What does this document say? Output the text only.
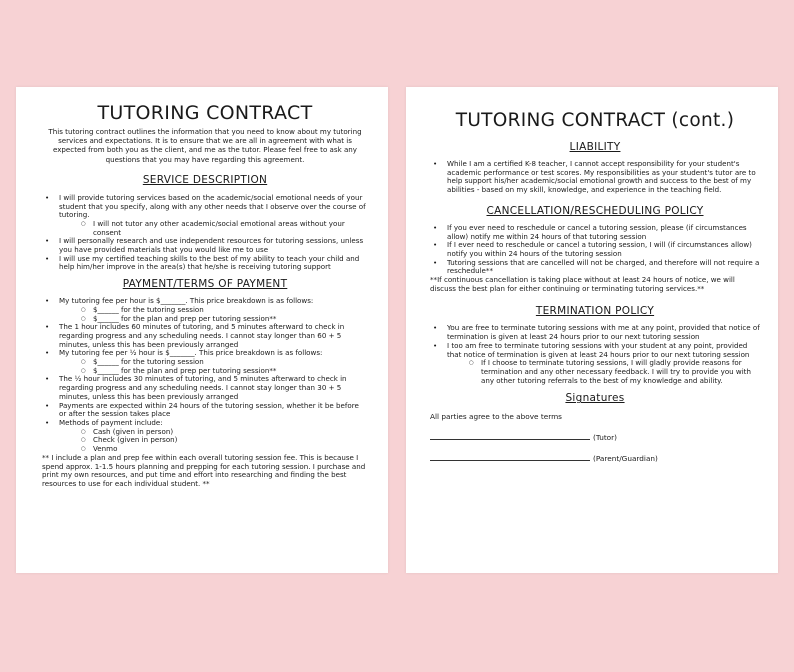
TUTORING CONTRACT

This tutoring contract outlines the information that you need to know about my tutoring services and expectations. It is to ensure that we are all in agreement with what is expected from both you as the client, and me as the tutor. Please feel free to ask any questions that you may have regarding this agreement.

SERVICE DESCRIPTION
• I will provide tutoring services based on the academic/social emotional needs of your student that you specify, along with any other needs that I observe over the course of tutoring.
○ I will not tutor any other academic/social emotional areas without your consent
• I will personally research and use independent resources for tutoring sessions, unless you have provided materials that you would like me to use
• I will use my certified teaching skills to the best of my ability to teach your child and help him/her improve in the area(s) that he/she is receiving tutoring support
PAYMENT/TERMS OF PAYMENT
• My tutoring fee per hour is $_______. This price breakdown is as follows:
○ $______ for the tutoring session
○ $______ for the plan and prep per tutoring session**
• The 1 hour includes 60 minutes of tutoring, and 5 minutes afterward to check in regarding progress and any scheduling needs. I cannot stay longer than 60 + 5 minutes, unless this has been previously arranged
• My tutoring fee per ½ hour is $_______. This price breakdown is as follows:
○ $______ for the tutoring session
○ $______ for the plan and prep per tutoring session**
• The ½ hour includes 30 minutes of tutoring, and 5 minutes afterward to check in regarding progress and any scheduling needs. I cannot stay longer than 30 + 5 minutes, unless this has been previously arranged
• Payments are expected within 24 hours of the tutoring session, whether it be before or after the session takes place
• Methods of payment include:
○ Cash (given in person)
○ Check (given in person)
○ Venmo

** I include a plan and prep fee within each overall tutoring session fee. This is because I spend approx. 1-1.5 hours planning and prepping for each tutoring session. I purchase and print my own resources, and put time and effort into researching and finding the best resources to use for each individual student. **

TUTORING CONTRACT (cont.)
LIABILITY
• While I am a certified K-8 teacher, I cannot accept responsibility for your student's academic performance or test scores. My responsibilities as your student's tutor are to help support his/her academic/social emotional growth and success to the best of my abilities - based on my skill, knowledge, and experience in the teaching field.
CANCELLATION/RESCHEDULING POLICY
• If you ever need to reschedule or cancel a tutoring session, please (if circumstances allow) notify me within 24 hours of that tutoring session
• If I ever need to reschedule or cancel a tutoring session, I will (if circumstances allow) notify you within 24 hours of the tutoring session
• Tutoring sessions that are cancelled will not be charged, and therefore will not require a reschedule**

**If continuous cancellation is taking place without at least 24 hours of notice, we will discuss the best plan for either continuing or terminating tutoring services.**

TERMINATION POLICY
• You are free to terminate tutoring sessions with me at any point, provided that notice of termination is given at least 24 hours prior to our next tutoring session
• I too am free to terminate tutoring sessions with your student at any point, provided that notice of termination is given at least 24 hours prior to our next tutoring session
○ If I choose to terminate tutoring sessions, I will gladly provide reasons for termination and any other necessary feedback. I will try to provide you with any other tutoring referrals to the best of my knowledge and ability.
Signatures

All parties agree to the above terms

(Tutor)

(Parent/Guardian)
